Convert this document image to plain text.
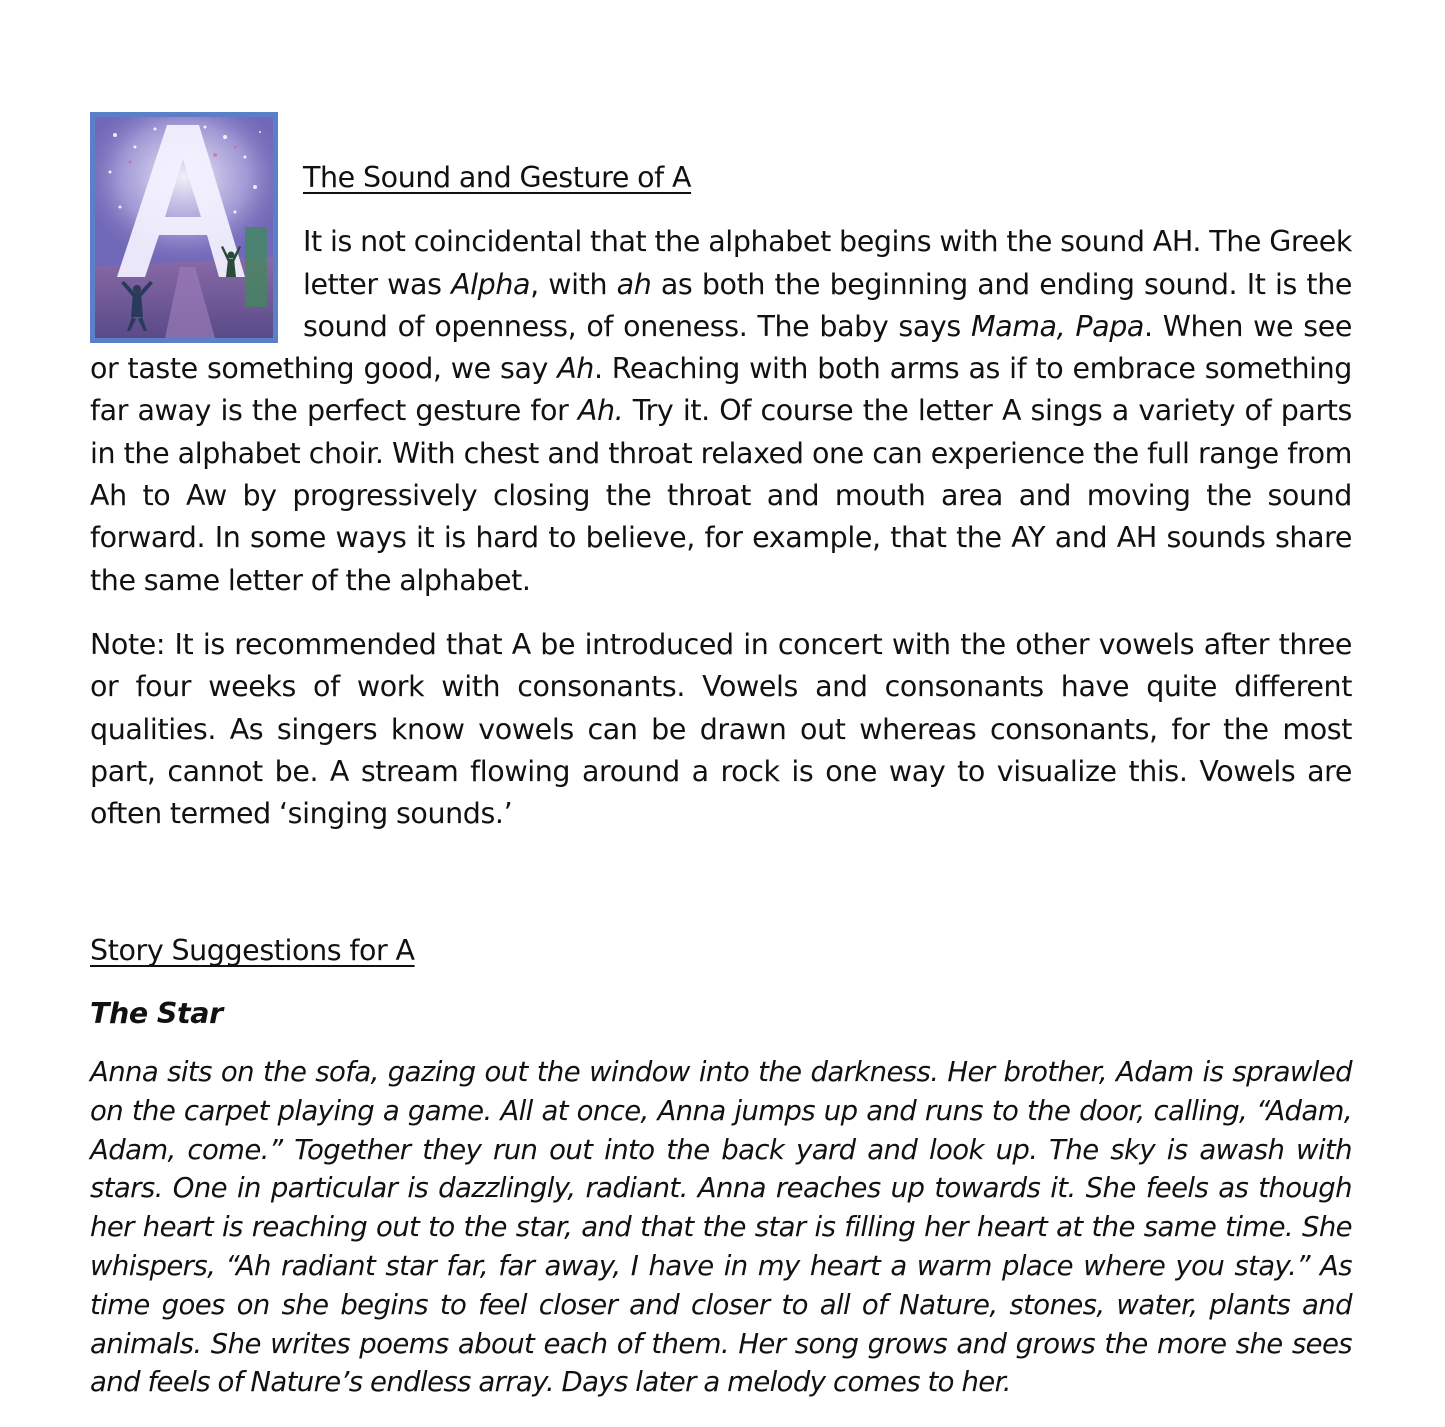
The Sound and Gesture of A

It is not coincidental that the alphabet begins with the sound AH. The Greek letter was Alpha, with ah as both the beginning and ending sound. It is the sound of openness, of oneness. The baby says Mama, Papa. When we see or taste something good, we say Ah. Reaching with both arms as if to embrace something far away is the perfect gesture for Ah. Try it. Of course the letter A sings a variety of parts in the alphabet choir. With chest and throat relaxed one can experience the full range from Ah to Aw by progressively closing the throat and mouth area and moving the sound forward. In some ways it is hard to believe, for example, that the AY and AH sounds share the same letter of the alphabet.

Note: It is recommended that A be introduced in concert with the other vowels after three or four weeks of work with consonants. Vowels and consonants have quite different qualities. As singers know vowels can be drawn out whereas consonants, for the most part, cannot be. A stream flowing around a rock is one way to visualize this. Vowels are often termed ‘singing sounds.’

Story Suggestions for A
The Star

Anna sits on the sofa, gazing out the window into the darkness. Her brother, Adam is sprawled on the carpet playing a game. All at once, Anna jumps up and runs to the door, calling, “Adam, Adam, come.” Together they run out into the back yard and look up. The sky is awash with stars. One in particular is dazzlingly, radiant. Anna reaches up towards it. She feels as though her heart is reaching out to the star, and that the star is filling her heart at the same time. She whispers, “Ah radiant star far, far away, I have in my heart a warm place where you stay.” As time goes on she begins to feel closer and closer to all of Nature, stones, water, plants and animals. She writes poems about each of them. Her song grows and grows the more she sees and feels of Nature’s endless array. Days later a melody comes to her.
